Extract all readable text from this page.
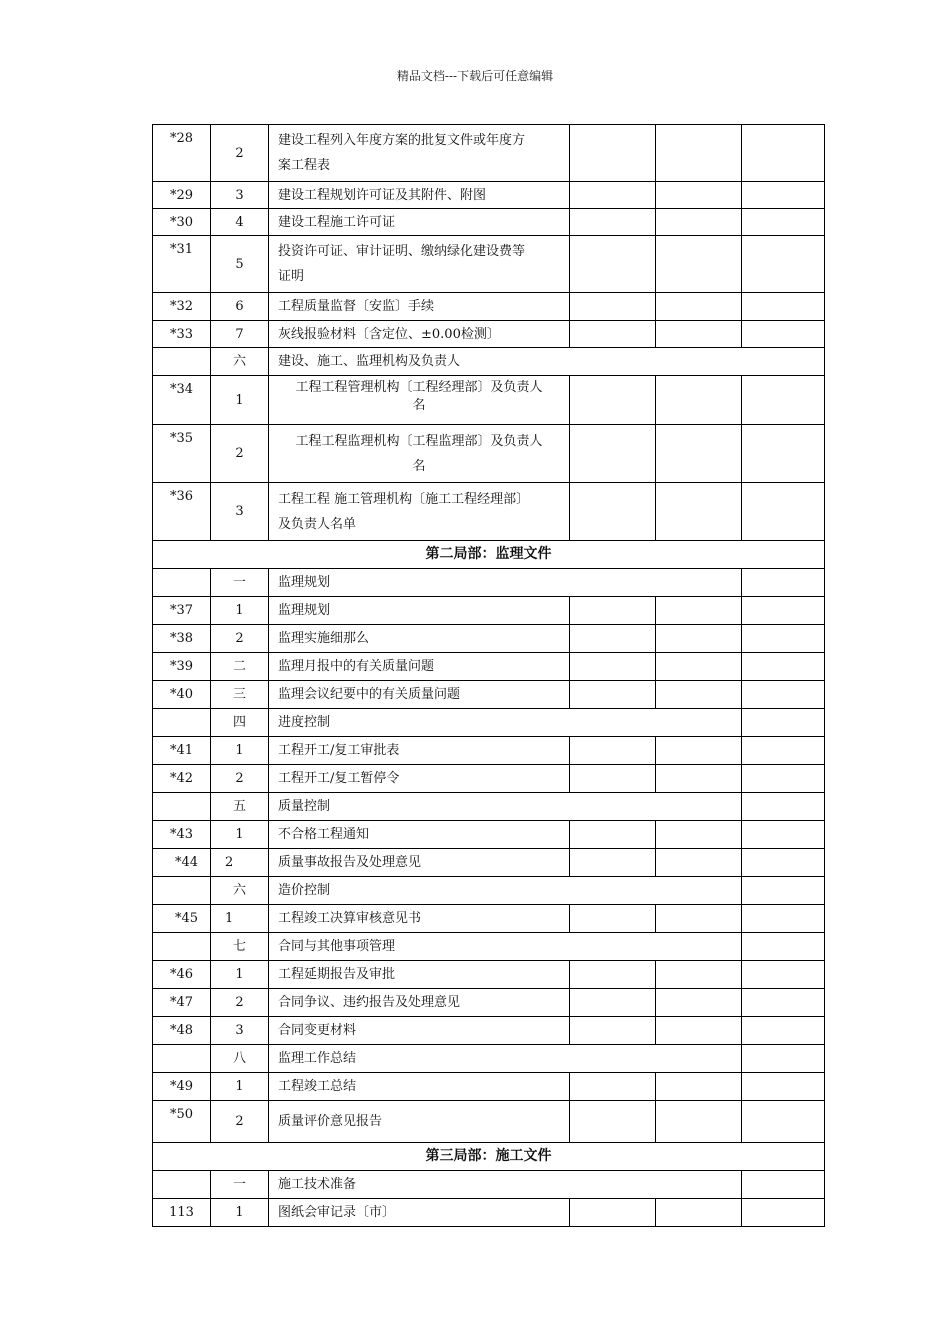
精品文档---下载后可任意编辑
*28	2	建设工程列入年度方案的批复文件或年度方
案工程表			
*29	3	建设工程规划许可证及其附件、附图			
*30	4	建设工程施工许可证			
*31	5	投资许可证、审计证明、缴纳绿化建设费等
证明			
*32	6	工程质量监督〔安监〕手续			
*33	7	灰线报验材料〔含定位、±0.00检测〕			
	六	建设、施工、监理机构及负责人			
*34	1	工程工程管理机构〔工程经理部〕及负责人
名			
*35	2	工程工程监理机构〔工程监理部〕及负责人
名			
*36	3	工程工程 施工管理机构〔施工工程经理部〕
及负责人名单			
第二局部：监理文件					
	一	监理规划			
*37	1	监理规划			
*38	2	监理实施细那么			
*39	二	监理月报中的有关质量问题			
*40	三	监理会议纪要中的有关质量问题			
	四	进度控制			
*41	1	工程开工/复工审批表			
*42	2	工程开工/复工暂停令			
	五	质量控制			
*43	1	不合格工程通知			
*44	2	质量事故报告及处理意见			
	六	造价控制			
*45	1	工程竣工决算审核意见书			
	七	合同与其他事项管理			
*46	1	工程延期报告及审批			
*47	2	合同争议、违约报告及处理意见			
*48	3	合同变更材料			
	八	监理工作总结			
*49	1	工程竣工总结			
*50	2	质量评价意见报告			
第三局部：施工文件					
	一	施工技术准备			
113	1	图纸会审记录〔市〕			
